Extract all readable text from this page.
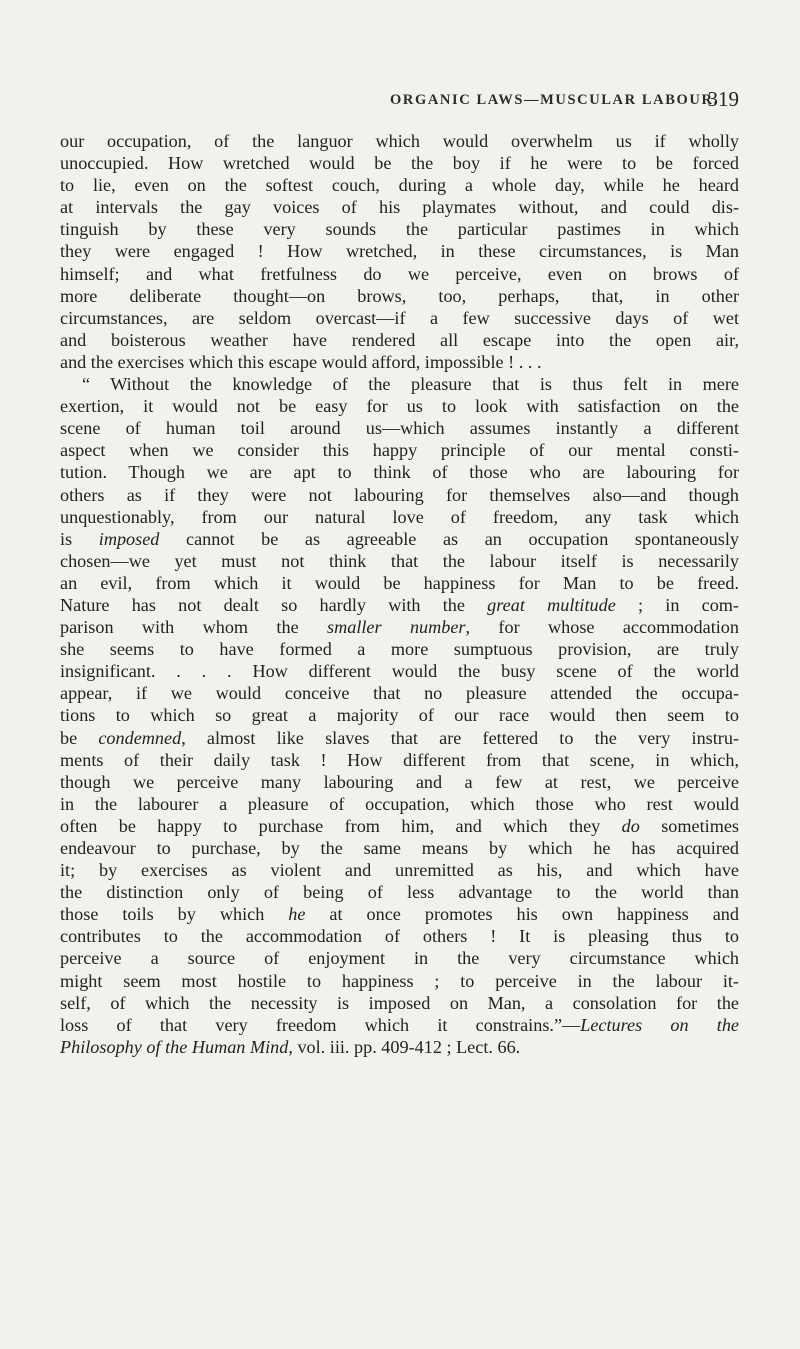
ORGANIC LAWS—MUSCULAR LABOUR.
319
our occupation, of the languor which would overwhelm us if wholly
unoccupied. How wretched would be the boy if he were to be forced
to lie, even on the softest couch, during a whole day, while he heard
at intervals the gay voices of his playmates without, and could dis-
tinguish by these very sounds the particular pastimes in which
they were engaged ! How wretched, in these circumstances, is Man
himself; and what fretfulness do we perceive, even on brows of
more deliberate thought—on brows, too, perhaps, that, in other
circumstances, are seldom overcast—if a few successive days of wet
and boisterous weather have rendered all escape into the open air,
and the exercises which this escape would afford, impossible ! . . .
“ Without the knowledge of the pleasure that is thus felt in mere
exertion, it would not be easy for us to look with satisfaction on the
scene of human toil around us—which assumes instantly a different
aspect when we consider this happy principle of our mental consti-
tution. Though we are apt to think of those who are labouring for
others as if they were not labouring for themselves also—and though
unquestionably, from our natural love of freedom, any task which
is imposed cannot be as agreeable as an occupation spontaneously
chosen—we yet must not think that the labour itself is necessarily
an evil, from which it would be happiness for Man to be freed.
Nature has not dealt so hardly with the great multitude ; in com-
parison with whom the smaller number, for whose accommodation
she seems to have formed a more sumptuous provision, are truly
insignificant. . . . How different would the busy scene of the world
appear, if we would conceive that no pleasure attended the occupa-
tions to which so great a majority of our race would then seem to
be condemned, almost like slaves that are fettered to the very instru-
ments of their daily task ! How different from that scene, in which,
though we perceive many labouring and a few at rest, we perceive
in the labourer a pleasure of occupation, which those who rest would
often be happy to purchase from him, and which they do sometimes
endeavour to purchase, by the same means by which he has acquired
it; by exercises as violent and unremitted as his, and which have
the distinction only of being of less advantage to the world than
those toils by which he at once promotes his own happiness and
contributes to the accommodation of others ! It is pleasing thus to
perceive a source of enjoyment in the very circumstance which
might seem most hostile to happiness ; to perceive in the labour it-
self, of which the necessity is imposed on Man, a consolation for the
loss of that very freedom which it constrains.”—Lectures on the
Philosophy of the Human Mind, vol. iii. pp. 409-412 ; Lect. 66.
